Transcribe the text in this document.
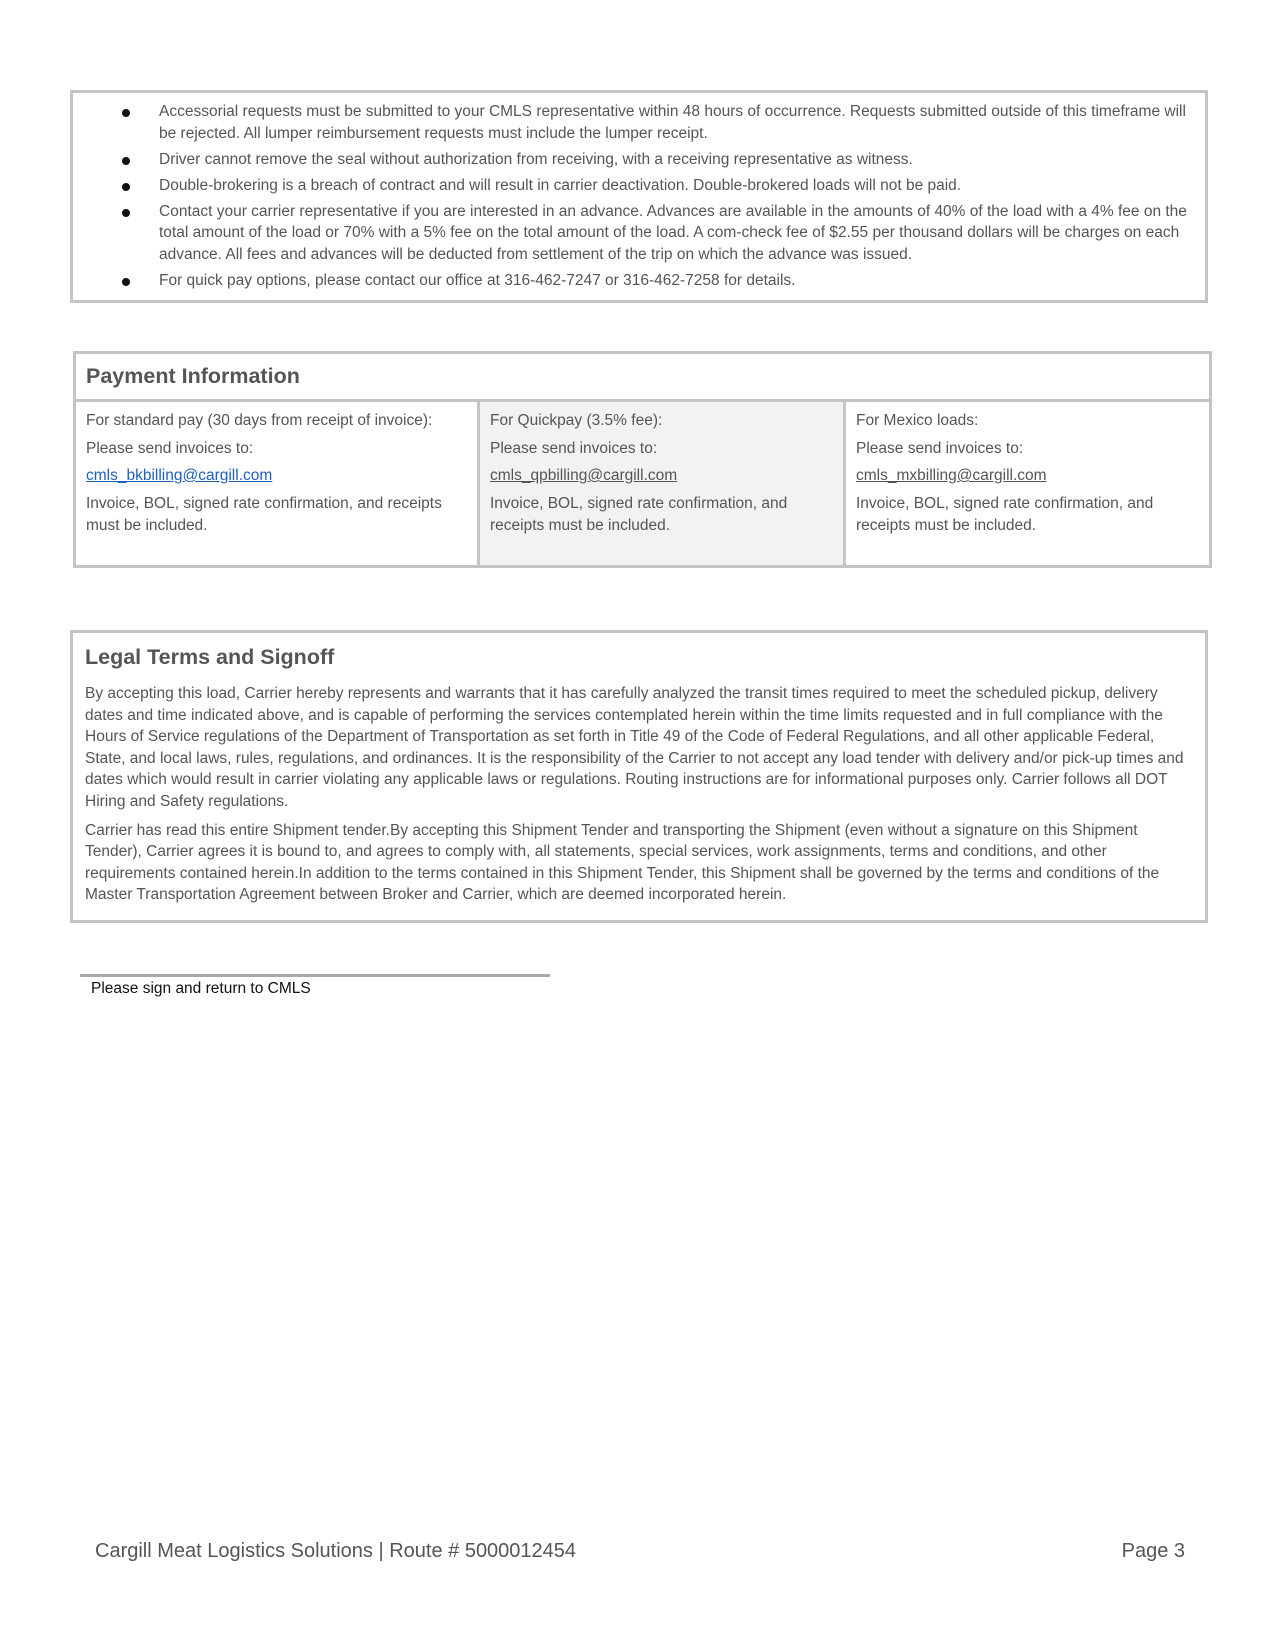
Accessorial requests must be submitted to your CMLS representative within 48 hours of occurrence. Requests submitted outside of this timeframe will be rejected. All lumper reimbursement requests must include the lumper receipt.
Driver cannot remove the seal without authorization from receiving, with a receiving representative as witness.
Double-brokering is a breach of contract and will result in carrier deactivation. Double-brokered loads will not be paid.
Contact your carrier representative if you are interested in an advance. Advances are available in the amounts of 40% of the load with a 4% fee on the total amount of the load or 70% with a 5% fee on the total amount of the load. A com-check fee of $2.55 per thousand dollars will be charges on each advance. All fees and advances will be deducted from settlement of the trip on which the advance was issued.
For quick pay options, please contact our office at 316-462-7247 or 316-462-7258 for details.
Payment Information

For standard pay (30 days from receipt of invoice):

Please send invoices to:

cmls_bkbilling@cargill.com

Invoice, BOL, signed rate confirmation, and receipts must be included.

For Quickpay (3.5% fee):

Please send invoices to:

cmls_qpbilling@cargill.com

Invoice, BOL, signed rate confirmation, and receipts must be included.

For Mexico loads:

Please send invoices to:

cmls_mxbilling@cargill.com

Invoice, BOL, signed rate confirmation, and receipts must be included.

Legal Terms and Signoff

By accepting this load, Carrier hereby represents and warrants that it has carefully analyzed the transit times required to meet the scheduled pickup, delivery dates and time indicated above, and is capable of performing the services contemplated herein within the time limits requested and in full compliance with the Hours of Service regulations of the Department of Transportation as set forth in Title 49 of the Code of Federal Regulations, and all other applicable Federal, State, and local laws, rules, regulations, and ordinances. It is the responsibility of the Carrier to not accept any load tender with delivery and/or pick-up times and dates which would result in carrier violating any applicable laws or regulations. Routing instructions are for informational purposes only. Carrier follows all DOT Hiring and Safety regulations.

Carrier has read this entire Shipment tender.By accepting this Shipment Tender and transporting the Shipment (even without a signature on this Shipment Tender), Carrier agrees it is bound to, and agrees to comply with, all statements, special services, work assignments, terms and conditions, and other requirements contained herein.In addition to the terms contained in this Shipment Tender, this Shipment shall be governed by the terms and conditions of the Master Transportation Agreement between Broker and Carrier, which are deemed incorporated herein.

Please sign and return to CMLS
Cargill Meat Logistics Solutions | Route # 5000012454	Page 3
